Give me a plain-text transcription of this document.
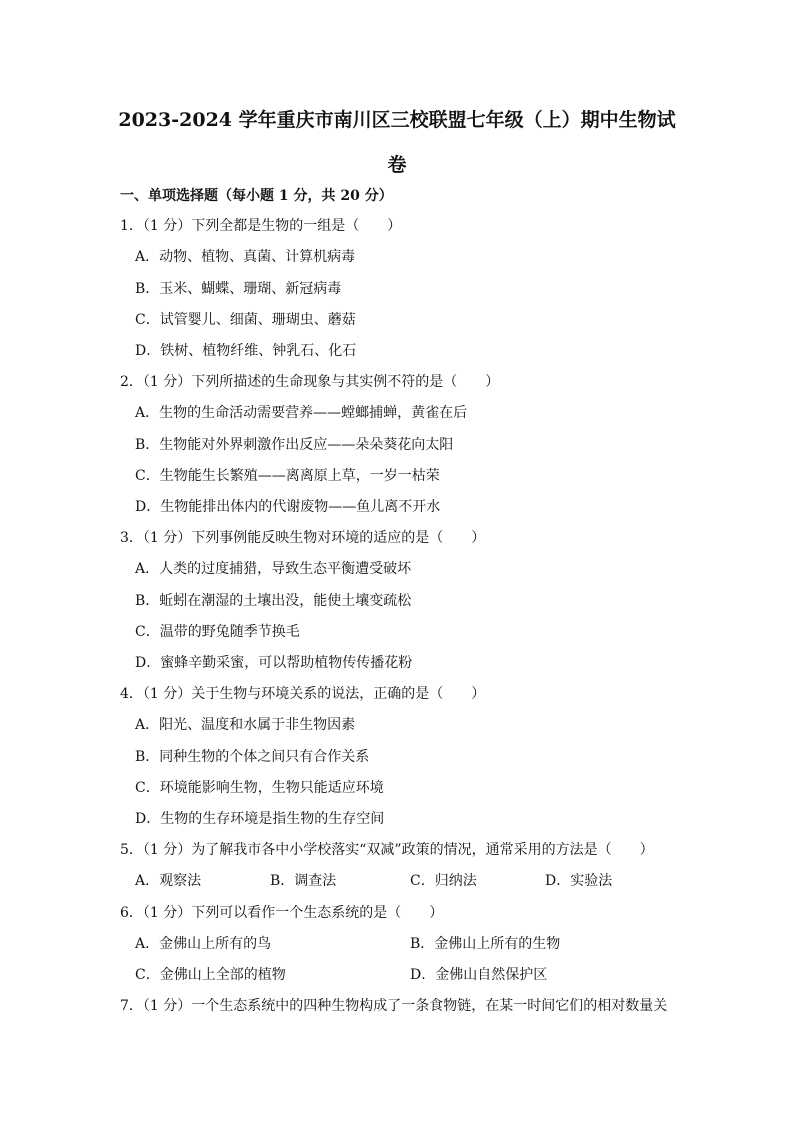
2023-2024 学年重庆市南川区三校联盟七年级（上）期中生物试
卷
一、单项选择题（每小题 1 分，共 20 分）
1．（1 分）下列全都是生物的一组是（　　）
A．动物、植物、真菌、计算机病毒
B．玉米、蝴蝶、珊瑚、新冠病毒
C．试管婴儿、细菌、珊瑚虫、蘑菇
D．铁树、植物纤维、钟乳石、化石
2．（1 分）下列所描述的生命现象与其实例不符的是（　　）
A．生物的生命活动需要营养——螳螂捕蝉，黄雀在后
B．生物能对外界刺激作出反应——朵朵葵花向太阳
C．生物能生长繁殖——离离原上草，一岁一枯荣
D．生物能排出体内的代谢废物——鱼儿离不开水
3．（1 分）下列事例能反映生物对环境的适应的是（　　）
A．人类的过度捕猎，导致生态平衡遭受破坏
B．蚯蚓在潮湿的土壤出没，能使土壤变疏松
C．温带的野兔随季节换毛
D．蜜蜂辛勤采蜜，可以帮助植物传传播花粉
4．（1 分）关于生物与环境关系的说法，正确的是（　　）
A．阳光、温度和水属于非生物因素
B．同种生物的个体之间只有合作关系
C．环境能影响生物，生物只能适应环境
D．生物的生存环境是指生物的生存空间
5．（1 分）为了解我市各中小学校落实“双减”政策的情况，通常采用的方法是（　　）
A．观察法	B．调查法	C．归纳法	D．实验法
6．（1 分）下列可以看作一个生态系统的是（　　）
A．金佛山上所有的鸟	B．金佛山上所有的生物
C．金佛山上全部的植物	D．金佛山自然保护区
7．（1 分）一个生态系统中的四种生物构成了一条食物链，在某一时间它们的相对数量关
